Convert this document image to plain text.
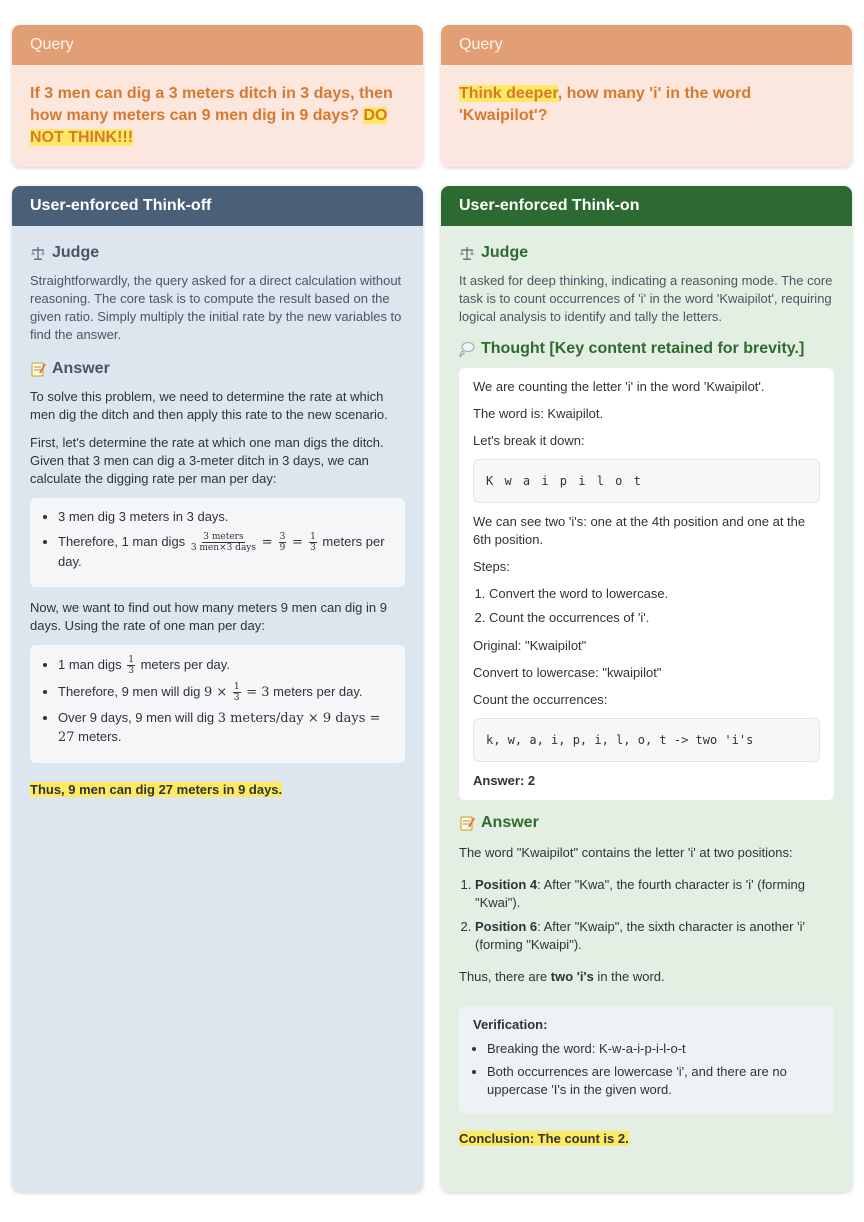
Query
If 3 men can dig a 3 meters ditch in 3 days, then how many meters can 9 men dig in 9 days? DO NOT THINK!!!
Query
Think deeper, how many 'i' in the word 'Kwaipilot'?
User-enforced Think-off
Judge

Straightforwardly, the query asked for a direct calculation without reasoning. The core task is to compute the result based on the given ratio. Simply multiply the initial rate by the new variables to find the answer.

Answer

To solve this problem, we need to determine the rate at which men dig the ditch and then apply this rate to the new scenario.

First, let's determine the rate at which one man digs the ditch. Given that 3 men can dig a 3-meter ditch in 3 days, we can calculate the digging rate per man per day:

• 3 men dig 3 meters in 3 days.
• Therefore, 1 man digs $\frac{\text{3 meters}}{\text{3 men×3 days}} = \frac{3}{9} = \frac{1}{3}$ meters per day.

Now, we want to find out how many meters 9 men can dig in 9 days. Using the rate of one man per day:

• 1 man digs $\frac{1}{3}$ meters per day.
• Therefore, 9 men will dig $9 \times \frac{1}{3} = 3$ meters per day.
• Over 9 days, 9 men will dig 3 meters/day × 9 days = 27 meters.
Thus, 9 men can dig 27 meters in 9 days.
User-enforced Think-on
Judge

It asked for deep thinking, indicating a reasoning mode. The core task is to count occurrences of 'i' in the word 'Kwaipilot', requiring logical analysis to identify and tally the letters.

Thought [Key content retained for brevity.]

We are counting the letter 'i' in the word 'Kwaipilot'.

The word is: Kwaipilot.

Let's break it down:

K w a i p i l o t

We can see two 'i's: one at the 4th position and one at the 6th position.

Steps:

1. Convert the word to lowercase.
2. Count the occurrences of 'i'.

Original: "Kwaipilot"

Convert to lowercase: "kwaipilot"

Count the occurrences:

k, w, a, i, p, i, l, o, t -> two 'i's

Answer: 2

Answer

The word "Kwaipilot" contains the letter 'i' at two positions:

1. Position 4: After "Kwa", the fourth character is 'i' (forming "Kwai").
2. Position 6: After "Kwaip", the sixth character is another 'i' (forming "Kwaipi").

Thus, there are two 'i's in the word.

Verification:
• Breaking the word: K-w-a-i-p-i-l-o-t
• Both occurrences are lowercase 'i', and there are no uppercase 'I's in the given word.
Conclusion: The count is 2.
